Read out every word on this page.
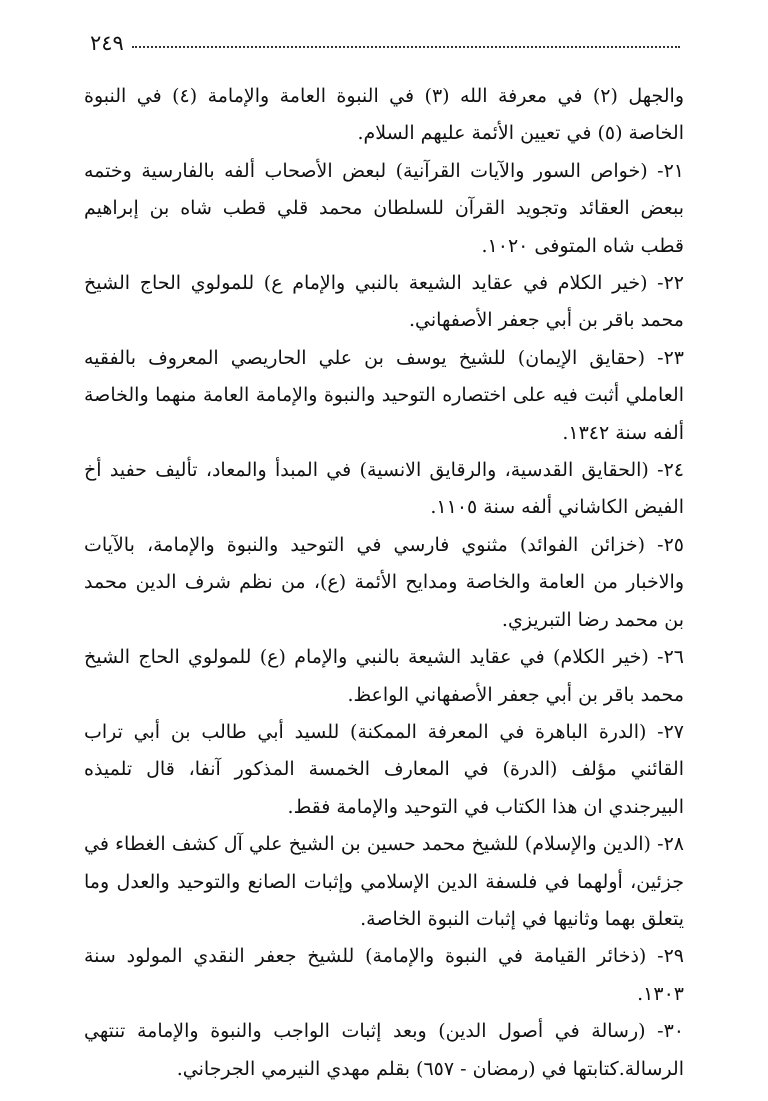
٢٤٩

والجهل (٢) في معرفة الله (٣) في النبوة العامة والإمامة (٤) في النبوة الخاصة (٥) في تعيين الأئمة عليهم السلام.

٢١- (خواص السور والآيات القرآنية) لبعض الأصحاب ألفه بالفارسية وختمه ببعض العقائد وتجويد القرآن للسلطان محمد قلي قطب شاه بن إبراهيم قطب شاه المتوفى ١٠٢٠.

٢٢- (خير الكلام في عقايد الشيعة بالنبي والإمام ع) للمولوي الحاج الشيخ محمد باقر بن أبي جعفر الأصفهاني.

٢٣- (حقايق الإيمان) للشيخ يوسف بن علي الحاريصي المعروف بالفقيه العاملي أثبت فيه على اختصاره التوحيد والنبوة والإمامة العامة منهما والخاصة ألفه سنة ١٣٤٢.

٢٤- (الحقايق القدسية، والرقايق الانسية) في المبدأ والمعاد، تأليف حفيد أخ الفيض الكاشاني ألفه سنة ١١٠٥.

٢٥- (خزائن الفوائد) مثنوي فارسي في التوحيد والنبوة والإمامة، بالآيات والاخبار من العامة والخاصة ومدايح الأئمة (ع)، من نظم شرف الدين محمد بن محمد رضا التبريزي.

٢٦- (خير الكلام) في عقايد الشيعة بالنبي والإمام (ع) للمولوي الحاج الشيخ محمد باقر بن أبي جعفر الأصفهاني الواعظ.

٢٧- (الدرة الباهرة في المعرفة الممكنة) للسيد أبي طالب بن أبي تراب القائني مؤلف (الدرة) في المعارف الخمسة المذكور آنفا، قال تلميذه البيرجندي ان هذا الكتاب في التوحيد والإمامة فقط.

٢٨- (الدين والإسلام) للشيخ محمد حسين بن الشيخ علي آل كشف الغطاء في جزئين، أولهما في فلسفة الدين الإسلامي وإثبات الصانع والتوحيد والعدل وما يتعلق بهما وثانيها في إثبات النبوة الخاصة.

٢٩- (ذخائر القيامة في النبوة والإمامة) للشيخ جعفر النقدي المولود سنة ١٣٠٣.

٣٠- (رسالة في أصول الدين) وبعد إثبات الواجب والنبوة والإمامة تنتهي الرسالة.كتابتها في (رمضان - ٦٥٧) بقلم مهدي النيرمي الجرجاني.
